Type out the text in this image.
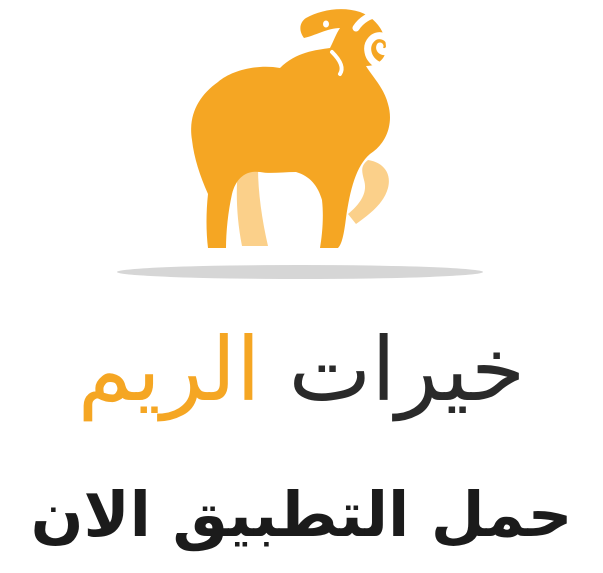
خيرات الريم
حمل التطبيق الان
